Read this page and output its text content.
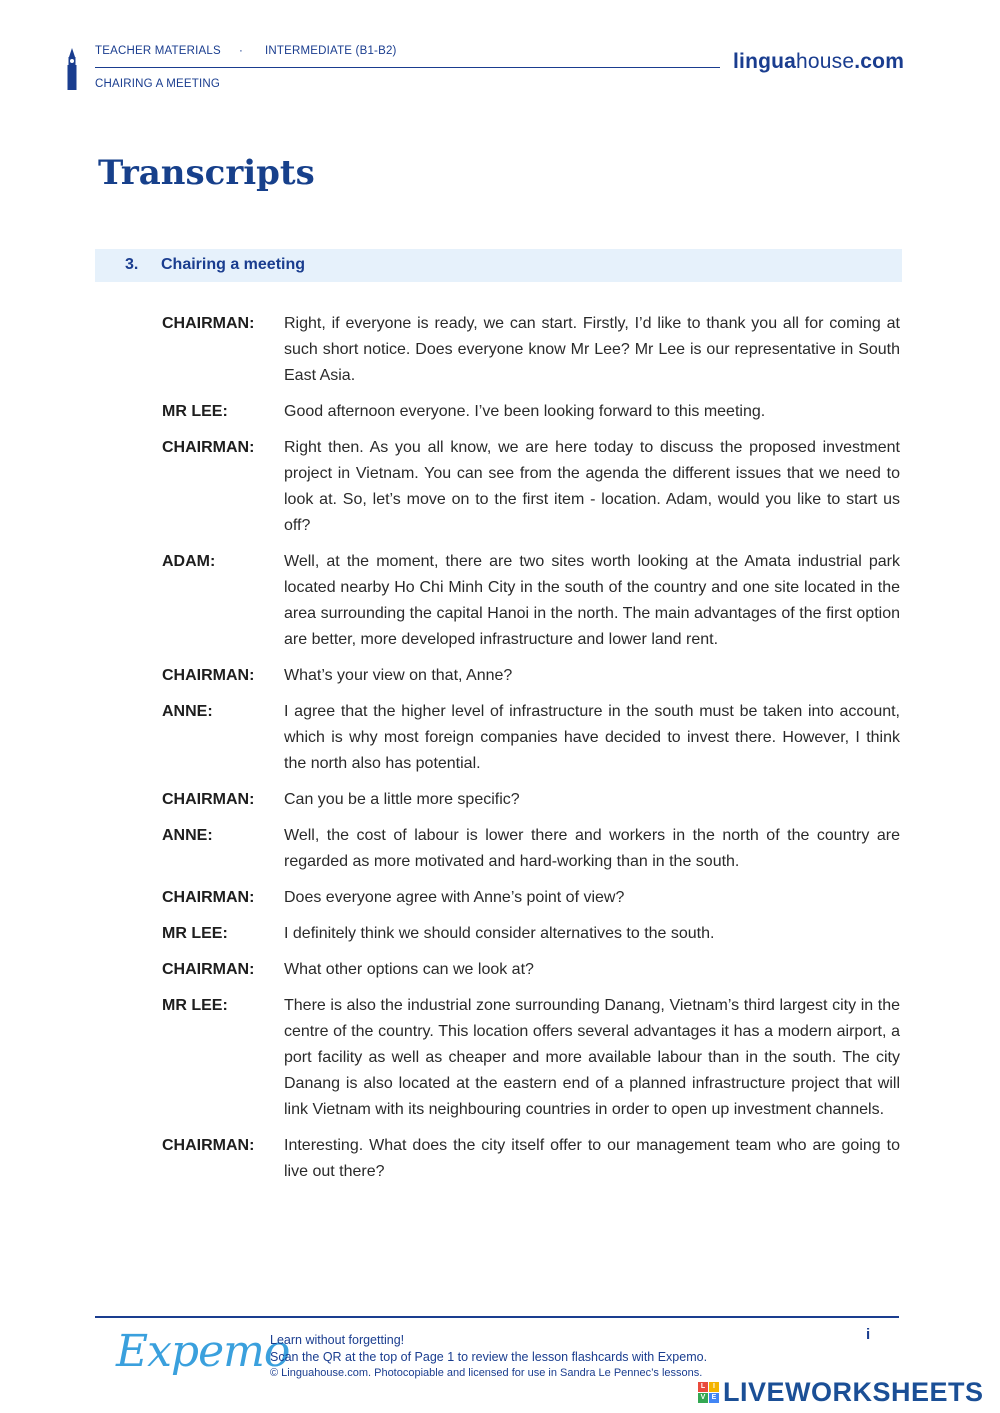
TEACHER MATERIALS · INTERMEDIATE (B1-B2)
CHAIRING A MEETING
linguahouse.com
Transcripts
3. Chairing a meeting
CHAIRMAN:	Right, if everyone is ready, we can start. Firstly, I’d like to thank you all for coming at such short notice. Does everyone know Mr Lee? Mr Lee is our representative in South East Asia.
MR LEE:	Good afternoon everyone. I’ve been looking forward to this meeting.
CHAIRMAN:	Right then. As you all know, we are here today to discuss the proposed investment project in Vietnam. You can see from the agenda the different issues that we need to look at. So, let’s move on to the first item - location. Adam, would you like to start us off?
ADAM:	Well, at the moment, there are two sites worth looking at the Amata industrial park located nearby Ho Chi Minh City in the south of the country and one site located in the area surrounding the capital Hanoi in the north. The main advantages of the first option are better, more developed infrastructure and lower land rent.
CHAIRMAN:	What’s your view on that, Anne?
ANNE:	I agree that the higher level of infrastructure in the south must be taken into account, which is why most foreign companies have decided to invest there. However, I think the north also has potential.
CHAIRMAN:	Can you be a little more specific?
ANNE:	Well, the cost of labour is lower there and workers in the north of the country are regarded as more motivated and hard-working than in the south.
CHAIRMAN:	Does everyone agree with Anne’s point of view?
MR LEE:	I definitely think we should consider alternatives to the south.
CHAIRMAN:	What other options can we look at?
MR LEE:	There is also the industrial zone surrounding Danang, Vietnam’s third largest city in the centre of the country. This location offers several advantages it has a modern airport, a port facility as well as cheaper and more available labour than in the south. The city Danang is also located at the eastern end of a planned infrastructure project that will link Vietnam with its neighbouring countries in order to open up investment channels.
CHAIRMAN:	Interesting. What does the city itself offer to our management team who are going to live out there?
Expemo
Learn without forgetting!
Scan the QR at the top of Page 1 to review the lesson flashcards with Expemo.
© Linguahouse.com. Photocopiable and licensed for use in Sandra Le Pennec’s lessons.
i
L	I
V E LIVEWORKSHEETS
